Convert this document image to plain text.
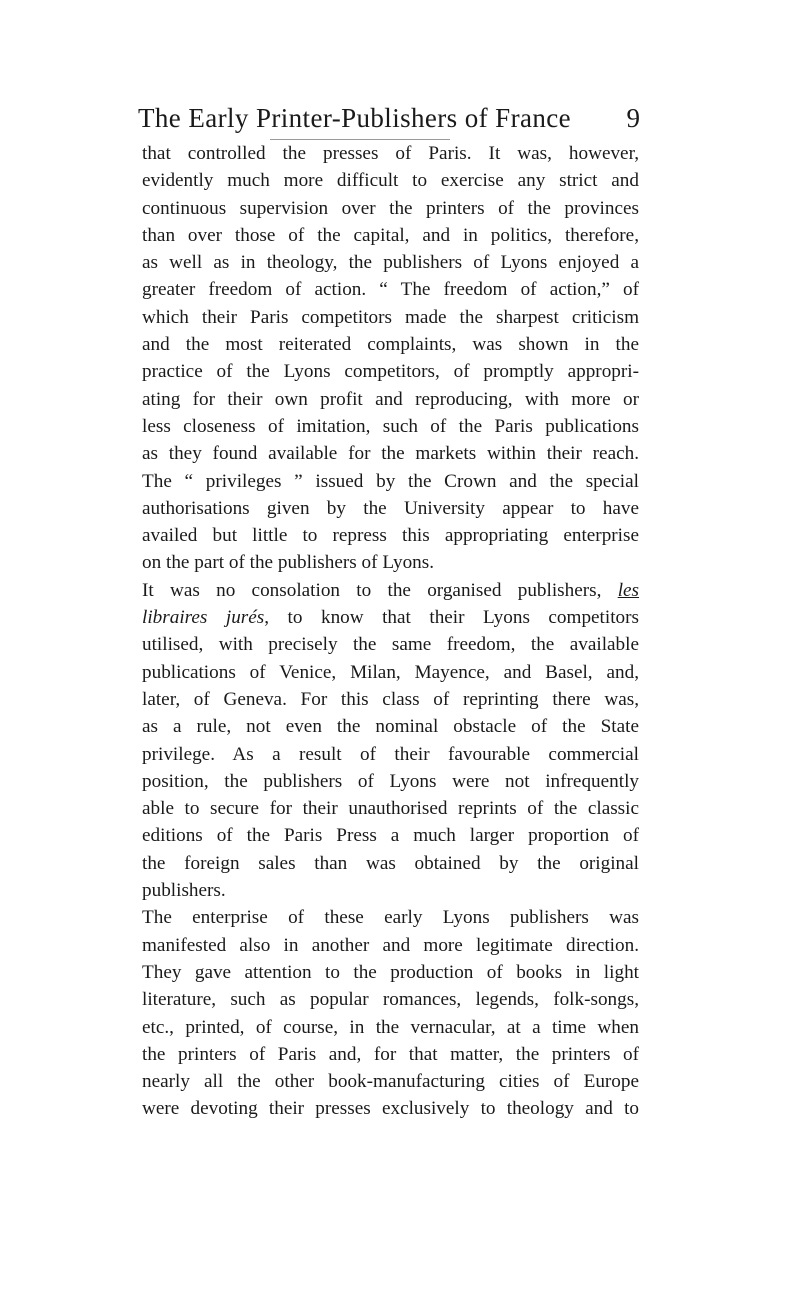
The Early Printer-Publishers of France 9
that controlled the presses of Paris. It was, however,
evidently much more difficult to exercise any strict and
continuous supervision over the printers of the provinces
than over those of the capital, and in politics, therefore,
as well as in theology, the publishers of Lyons enjoyed a
greater freedom of action. “ The freedom of action,” of
which their Paris competitors made the sharpest criticism
and the most reiterated complaints, was shown in the
practice of the Lyons competitors, of promptly appropri-
ating for their own profit and reproducing, with more or
less closeness of imitation, such of the Paris publications
as they found available for the markets within their reach.
The “ privileges ” issued by the Crown and the special
authorisations given by the University appear to have
availed but little to repress this appropriating enterprise
on the part of the publishers of Lyons.
It was no consolation to the organised publishers, les
libraires jurés, to know that their Lyons competitors
utilised, with precisely the same freedom, the available
publications of Venice, Milan, Mayence, and Basel, and,
later, of Geneva. For this class of reprinting there was,
as a rule, not even the nominal obstacle of the State
privilege. As a result of their favourable commercial
position, the publishers of Lyons were not infrequently
able to secure for their unauthorised reprints of the classic
editions of the Paris Press a much larger proportion of
the foreign sales than was obtained by the original
publishers.
The enterprise of these early Lyons publishers was
manifested also in another and more legitimate direction.
They gave attention to the production of books in light
literature, such as popular romances, legends, folk-songs,
etc., printed, of course, in the vernacular, at a time when
the printers of Paris and, for that matter, the printers of
nearly all the other book-manufacturing cities of Europe
were devoting their presses exclusively to theology and to
